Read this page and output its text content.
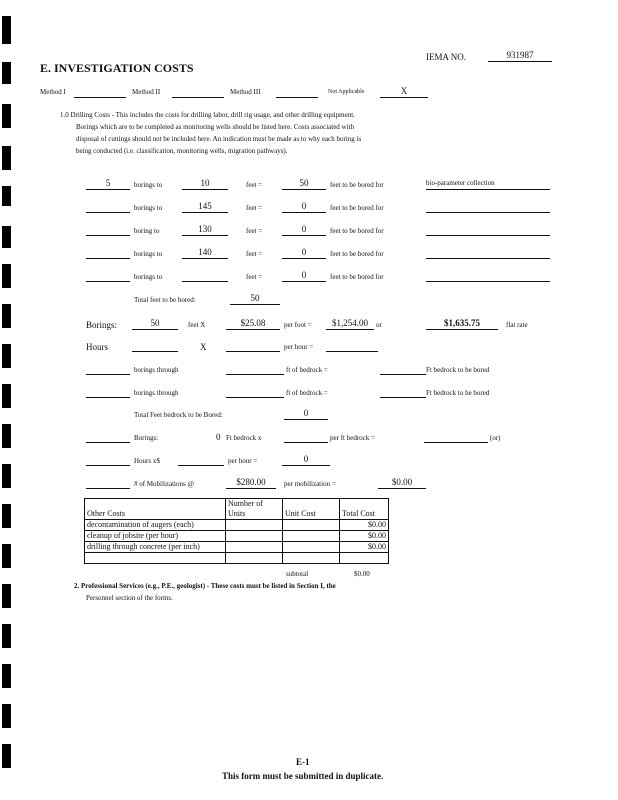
IEMA NO.	931987
E. INVESTIGATION COSTS
Method I	Method II	Method III	Not Applicable	X
1.0 Drilling Costs - This includes the costs for drilling labor, drill rig usage, and other drilling equipment.
Borings which are to be completed as monitoring wells should be listed here. Costs associated with
disposal of cuttings should not be included here. An indication must be made as to why each boring is
being conducted (i.e. classification, monitoring wells, migration pathways).
5	borings to	10	feet =	50	feet to be bored for	bio-parameter collection
borings to	145	feet =	0	feet to be bored for
boring to	130	feet =	0	feet to be bored for
borings to	140	feet =	0	feet to be bored for
borings to	feet =	0	feet to be bored for
Total feet to be bored:	50
Borings:	50	feet X	$25.08	per foot =	$1,254.00	or	$1,635.75	flat rate
Hours	X	per hour =
borings through	ft of bedrock =	Ft bedrock to be bored
borings through	ft of bedrock =	Ft bedrock to be bored
Total Feet bedrock to be Bored:	0
Borings:	0 Ft bedrock x	per ft bedrock =	(or)
Hours x$	per hour =	0
# of Mobilizations @	$280.00	per mobilization =	$0.00
Other Costs	Number of Units	Unit Cost	Total Cost
decontamination of augers (each)			$0.00
cleanup of jobsite (per hour)			$0.00
drilling through concrete (per inch)			$0.00

subtotal	$0.00
2. Professional Services (e.g., P.E., geologist) - These costs must be listed in Section I, the
Personnel section of the forms.
E-1
This form must be submitted in duplicate.
